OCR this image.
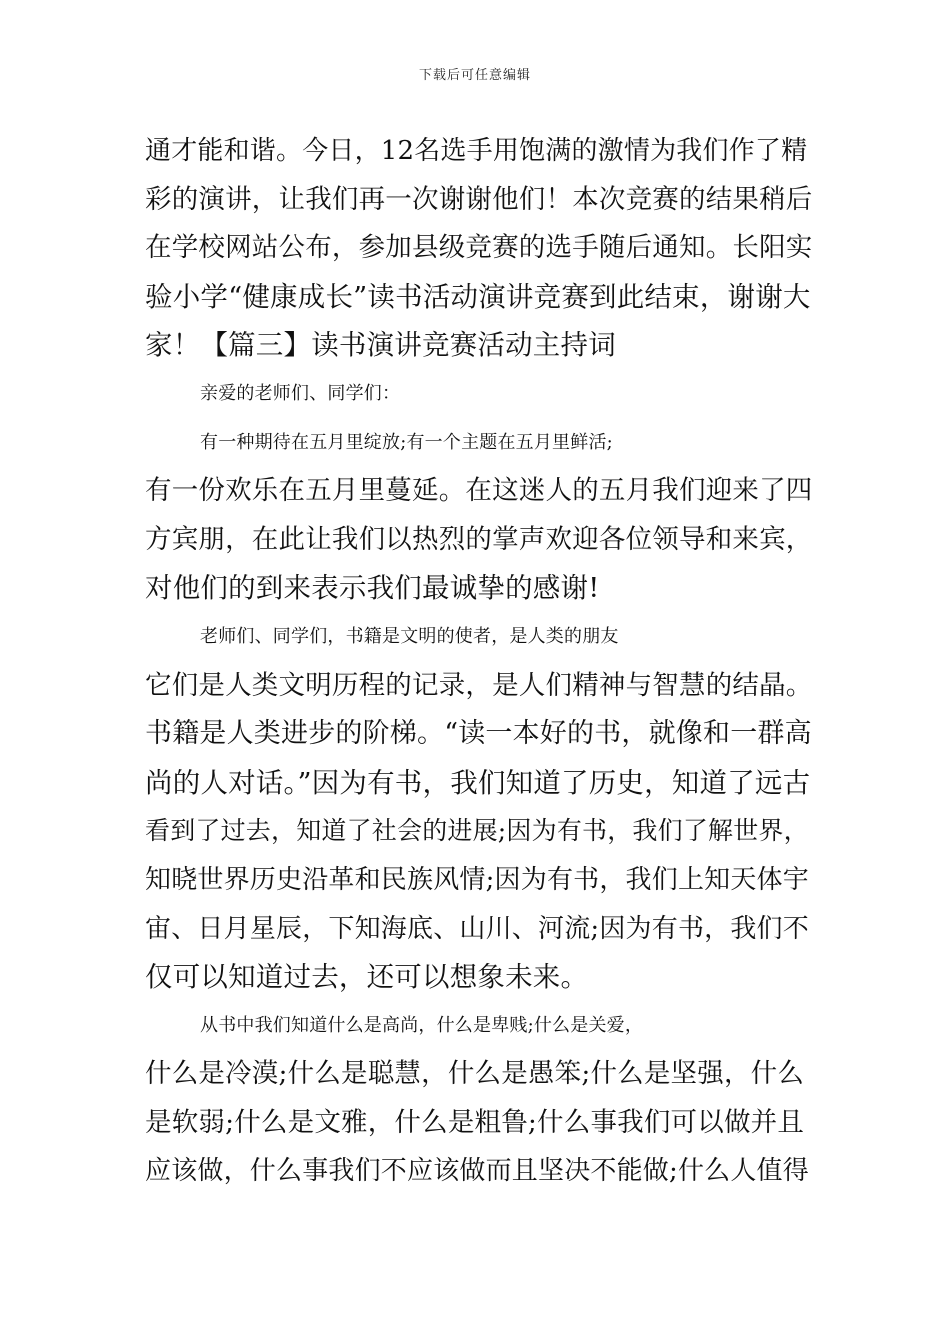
下载后可任意编辑
通才能和谐。今日，12名选手用饱满的激情为我们作了精
彩的演讲，让我们再一次谢谢他们！本次竞赛的结果稍后
在学校网站公布，参加县级竞赛的选手随后通知。长阳实
验小学“健康成长”读书活动演讲竞赛到此结束，谢谢大
家！【篇三】读书演讲竞赛活动主持词
亲爱的老师们、同学们：
有一种期待在五月里绽放;有一个主题在五月里鲜活;
有一份欢乐在五月里蔓延。在这迷人的五月我们迎来了四
方宾朋，在此让我们以热烈的掌声欢迎各位领导和来宾，
对他们的到来表示我们最诚挚的感谢!
老师们、同学们，书籍是文明的使者，是人类的朋友
它们是人类文明历程的记录，是人们精神与智慧的结晶。
书籍是人类进步的阶梯。“读一本好的书，就像和一群高
尚的人对话。”因为有书，我们知道了历史，知道了远古
看到了过去，知道了社会的进展;因为有书，我们了解世界，
知晓世界历史沿革和民族风情;因为有书，我们上知天体宇
宙、日月星辰，下知海底、山川、河流;因为有书，我们不
仅可以知道过去，还可以想象未来。
从书中我们知道什么是高尚，什么是卑贱;什么是关爱，
什么是冷漠;什么是聪慧，什么是愚笨;什么是坚强，什么
是软弱;什么是文雅，什么是粗鲁;什么事我们可以做并且
应该做，什么事我们不应该做而且坚决不能做;什么人值得
